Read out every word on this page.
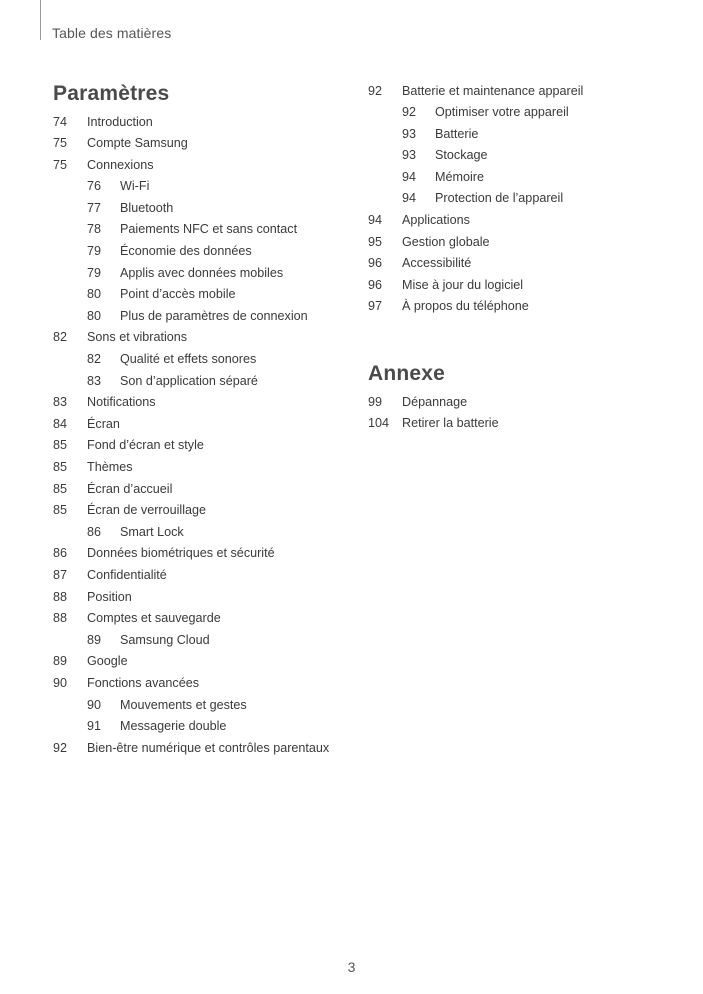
Table des matières
Paramètres
74 Introduction
75 Compte Samsung
75 Connexions
76 Wi-Fi
77 Bluetooth
78 Paiements NFC et sans contact
79 Économie des données
79 Applis avec données mobiles
80 Point d’accès mobile
80 Plus de paramètres de connexion
82 Sons et vibrations
82 Qualité et effets sonores
83 Son d’application séparé
83 Notifications
84 Écran
85 Fond d’écran et style
85 Thèmes
85 Écran d’accueil
85 Écran de verrouillage
86 Smart Lock
86 Données biométriques et sécurité
87 Confidentialité
88 Position
88 Comptes et sauvegarde
89 Samsung Cloud
89 Google
90 Fonctions avancées
90 Mouvements et gestes
91 Messagerie double
92 Bien-être numérique et contrôles parentaux
92 Batterie et maintenance appareil
92 Optimiser votre appareil
93 Batterie
93 Stockage
94 Mémoire
94 Protection de l’appareil
94 Applications
95 Gestion globale
96 Accessibilité
96 Mise à jour du logiciel
97 À propos du téléphone
Annexe
99 Dépannage
104 Retirer la batterie
3
